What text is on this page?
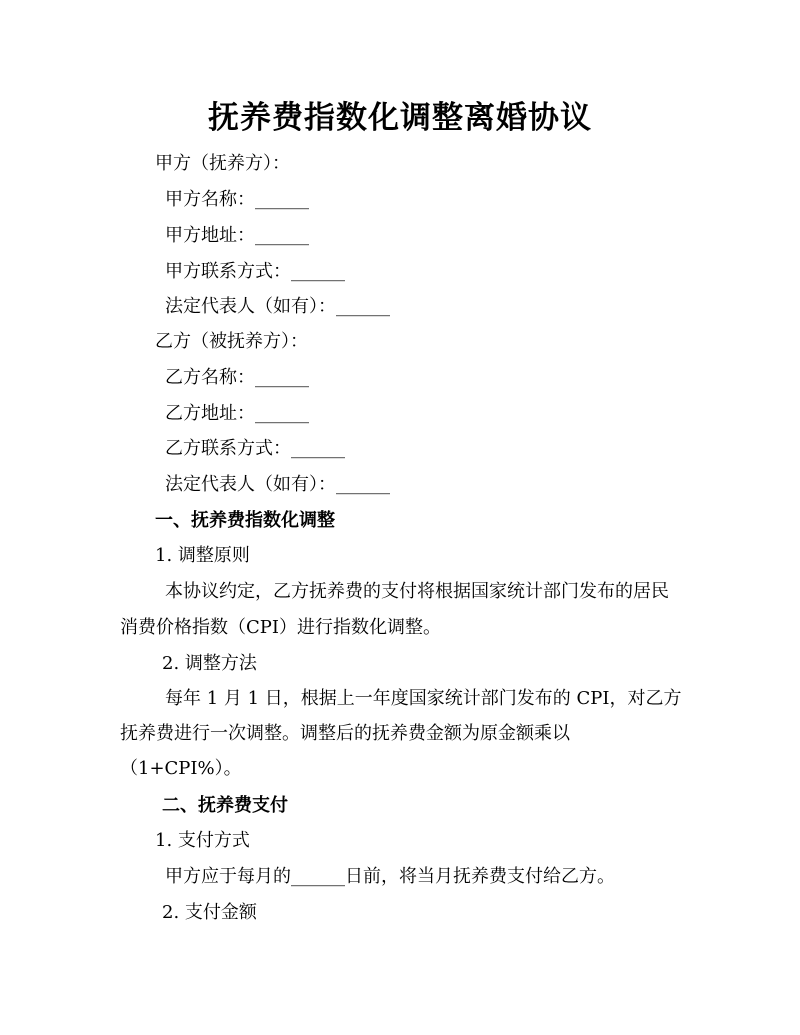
抚养费指数化调整离婚协议
甲方（抚养方）：
甲方名称：______
甲方地址：______
甲方联系方式：______
法定代表人（如有）：______
乙方（被抚养方）：
乙方名称：______
乙方地址：______
乙方联系方式：______
法定代表人（如有）：______
一、抚养费指数化调整
1. 调整原则
本协议约定，乙方抚养费的支付将根据国家统计部门发布的居民
消费价格指数（CPI）进行指数化调整。
2. 调整方法
每年 1 月 1 日，根据上一年度国家统计部门发布的 CPI，对乙方
抚养费进行一次调整。调整后的抚养费金额为原金额乘以
（1+CPI%）。
二、抚养费支付
1. 支付方式
甲方应于每月的______日前，将当月抚养费支付给乙方。
2. 支付金额
